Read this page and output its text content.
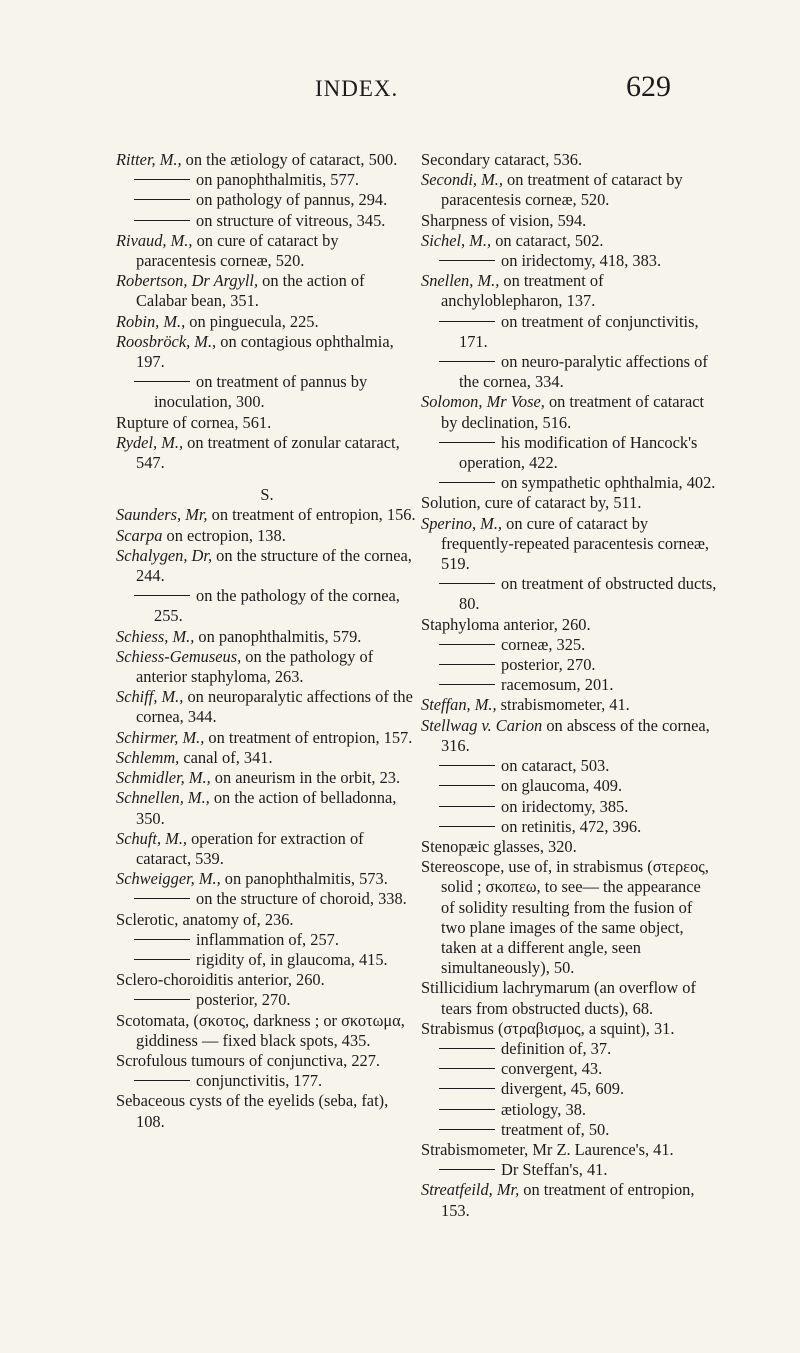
INDEX.	629

Ritter, M., on the ætiology of cataract, 500.

on panophthalmitis, 577.

on pathology of pannus, 294.

on structure of vitreous, 345.

Rivaud, M., on cure of cataract by paracentesis corneæ, 520.

Robertson, Dr Argyll, on the action of Calabar bean, 351.

Robin, M., on pinguecula, 225.

Roosbröck, M., on contagious ophthalmia, 197.

on treatment of pannus by inoculation, 300.

Rupture of cornea, 561.

Rydel, M., on treatment of zonular cataract, 547.

S.

Saunders, Mr, on treatment of entropion, 156.

Scarpa on ectropion, 138.

Schalygen, Dr, on the structure of the cornea, 244.

on the pathology of the cornea, 255.

Schiess, M., on panophthalmitis, 579.

Schiess-Gemuseus, on the pathology of anterior staphyloma, 263.

Schiff, M., on neuroparalytic affections of the cornea, 344.

Schirmer, M., on treatment of entropion, 157.

Schlemm, canal of, 341.

Schmidler, M., on aneurism in the orbit, 23.

Schnellen, M., on the action of belladonna, 350.

Schuft, M., operation for extraction of cataract, 539.

Schweigger, M., on panophthalmitis, 573.

on the structure of choroid, 338.

Sclerotic, anatomy of, 236.

inflammation of, 257.

rigidity of, in glaucoma, 415.

Sclero-choroiditis anterior, 260.

posterior, 270.

Scotomata, (σκοτος, darkness ; or σκοτωμα, giddiness — fixed black spots, 435.

Scrofulous tumours of conjunctiva, 227.

conjunctivitis, 177.

Sebaceous cysts of the eyelids (seba, fat), 108.

Secondary cataract, 536.

Secondi, M., on treatment of cataract by paracentesis corneæ, 520.

Sharpness of vision, 594.

Sichel, M., on cataract, 502.

on iridectomy, 418, 383.

Snellen, M., on treatment of anchyloblepharon, 137.

on treatment of conjunctivitis, 171.

on neuro-paralytic affections of the cornea, 334.

Solomon, Mr Vose, on treatment of cataract by declination, 516.

his modification of Hancock's operation, 422.

on sympathetic ophthalmia, 402.

Solution, cure of cataract by, 511.

Sperino, M., on cure of cataract by frequently-repeated paracentesis corneæ, 519.

on treatment of obstructed ducts, 80.

Staphyloma anterior, 260.

corneæ, 325.

posterior, 270.

racemosum, 201.

Steffan, M., strabismometer, 41.

Stellwag v. Carion on abscess of the cornea, 316.

on cataract, 503.

on glaucoma, 409.

on iridectomy, 385.

on retinitis, 472, 396.

Stenopæic glasses, 320.

Stereoscope, use of, in strabismus (στερεος, solid ; σκοπεω, to see— the appearance of solidity resulting from the fusion of two plane images of the same object, taken at a different angle, seen simultaneously), 50.

Stillicidium lachrymarum (an overflow of tears from obstructed ducts), 68.

Strabismus (στραβισμος, a squint), 31.

definition of, 37.

convergent, 43.

divergent, 45, 609.

ætiology, 38.

treatment of, 50.

Strabismometer, Mr Z. Laurence's, 41.

Dr Steffan's, 41.

Streatfeild, Mr, on treatment of entropion, 153.
